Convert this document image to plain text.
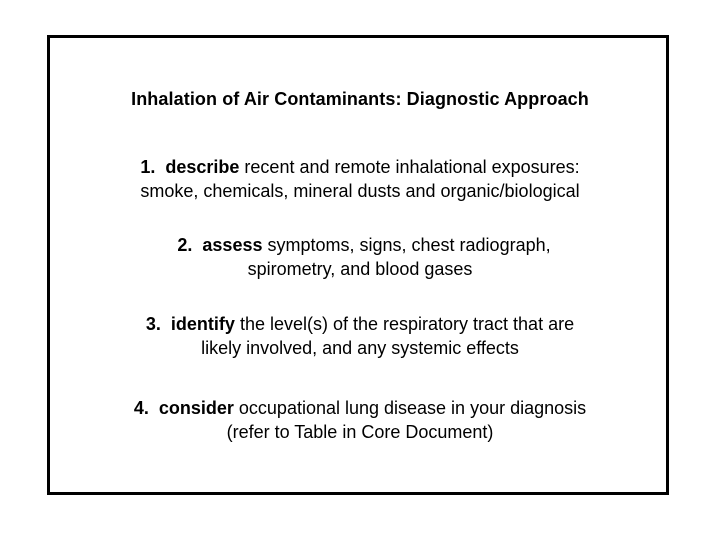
Inhalation of Air Contaminants: Diagnostic Approach
1. describe recent and remote inhalational exposures:
smoke, chemicals, mineral dusts and organic/biological
2. assess symptoms, signs, chest radiograph,
spirometry, and blood gases
3. identify the level(s) of the respiratory tract that are
likely involved, and any systemic effects
4. consider occupational lung disease in your diagnosis
(refer to Table in Core Document)
